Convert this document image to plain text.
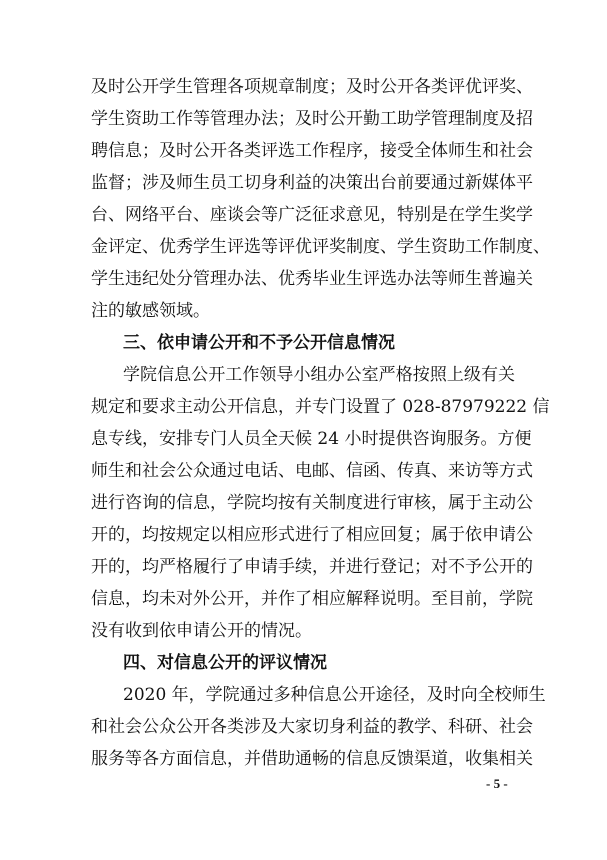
及时公开学生管理各项规章制度；及时公开各类评优评奖、
学生资助工作等管理办法；及时公开勤工助学管理制度及招
聘信息；及时公开各类评选工作程序，接受全体师生和社会
监督；涉及师生员工切身利益的决策出台前要通过新媒体平
台、网络平台、座谈会等广泛征求意见，特别是在学生奖学
金评定、优秀学生评选等评优评奖制度、学生资助工作制度、
学生违纪处分管理办法、优秀毕业生评选办法等师生普遍关
注的敏感领域。
三、依申请公开和不予公开信息情况
学院信息公开工作领导小组办公室严格按照上级有关
规定和要求主动公开信息，并专门设置了 028-87979222 信
息专线，安排专门人员全天候 24 小时提供咨询服务。方便
师生和社会公众通过电话、电邮、信函、传真、来访等方式
进行咨询的信息，学院均按有关制度进行审核，属于主动公
开的，均按规定以相应形式进行了相应回复；属于依申请公
开的，均严格履行了申请手续，并进行登记；对不予公开的
信息，均未对外公开，并作了相应解释说明。至目前，学院
没有收到依申请公开的情况。
四、对信息公开的评议情况
2020 年，学院通过多种信息公开途径，及时向全校师生
和社会公众公开各类涉及大家切身利益的教学、科研、社会
服务等各方面信息，并借助通畅的信息反馈渠道，收集相关
- 5 -
